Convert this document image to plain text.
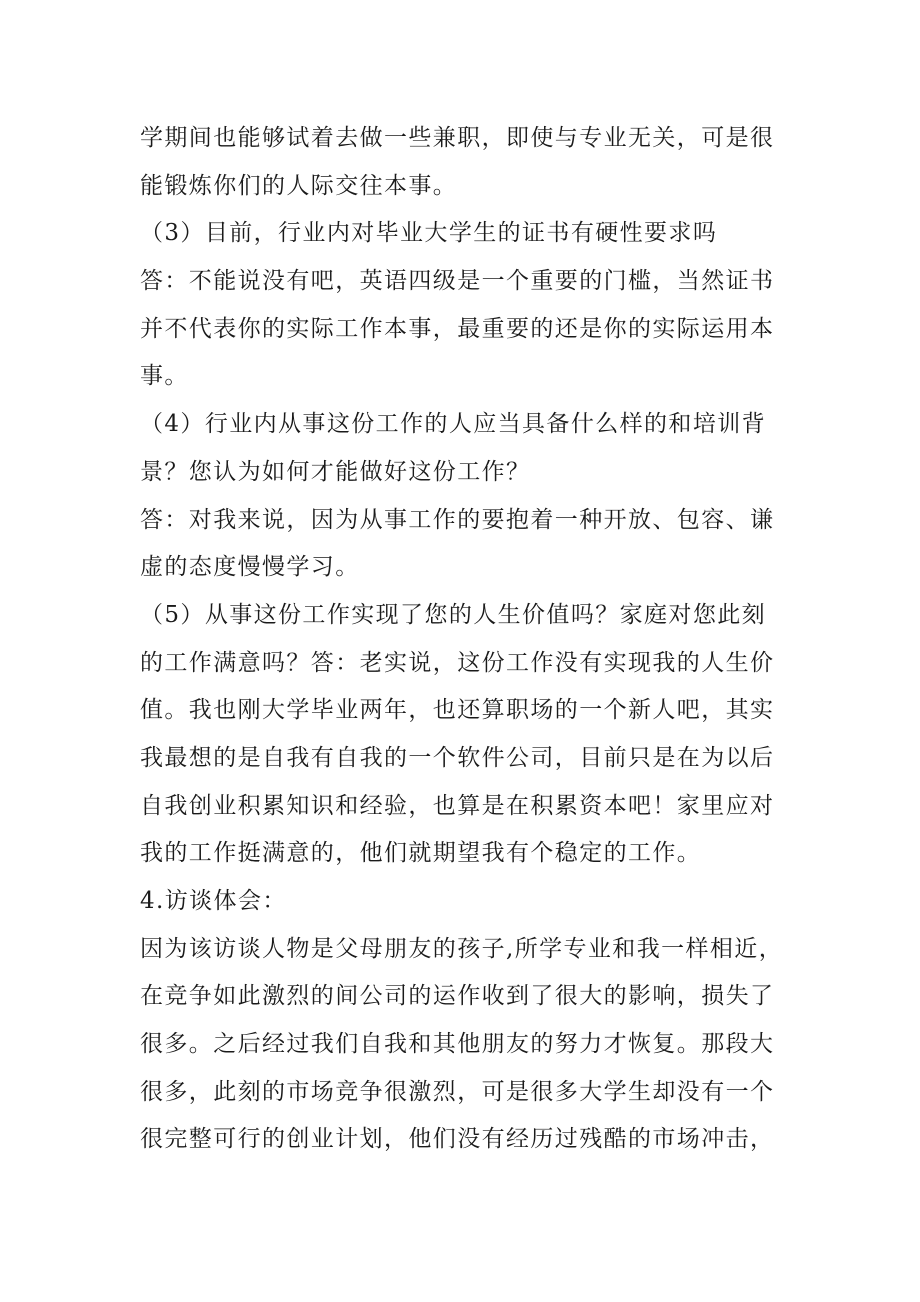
学期间也能够试着去做一些兼职，即使与专业无关，可是很
能锻炼你们的人际交往本事。
（3）目前，行业内对毕业大学生的证书有硬性要求吗
答：不能说没有吧，英语四级是一个重要的门槛，当然证书
并不代表你的实际工作本事，最重要的还是你的实际运用本
事。
（4）行业内从事这份工作的人应当具备什么样的和培训背
景？您认为如何才能做好这份工作？
答：对我来说，因为从事工作的要抱着一种开放、包容、谦
虚的态度慢慢学习。
（5）从事这份工作实现了您的人生价值吗？家庭对您此刻
的工作满意吗？答：老实说，这份工作没有实现我的人生价
值。我也刚大学毕业两年，也还算职场的一个新人吧，其实
我最想的是自我有自我的一个软件公司，目前只是在为以后
自我创业积累知识和经验，也算是在积累资本吧！家里应对
我的工作挺满意的，他们就期望我有个稳定的工作。
4.访谈体会：
因为该访谈人物是父母朋友的孩子,所学专业和我一样相近，
在竞争如此激烈的间公司的运作收到了很大的影响，损失了
很多。之后经过我们自我和其他朋友的努力才恢复。那段大
很多，此刻的市场竞争很激烈，可是很多大学生却没有一个
很完整可行的创业计划，他们没有经历过残酷的市场冲击，
